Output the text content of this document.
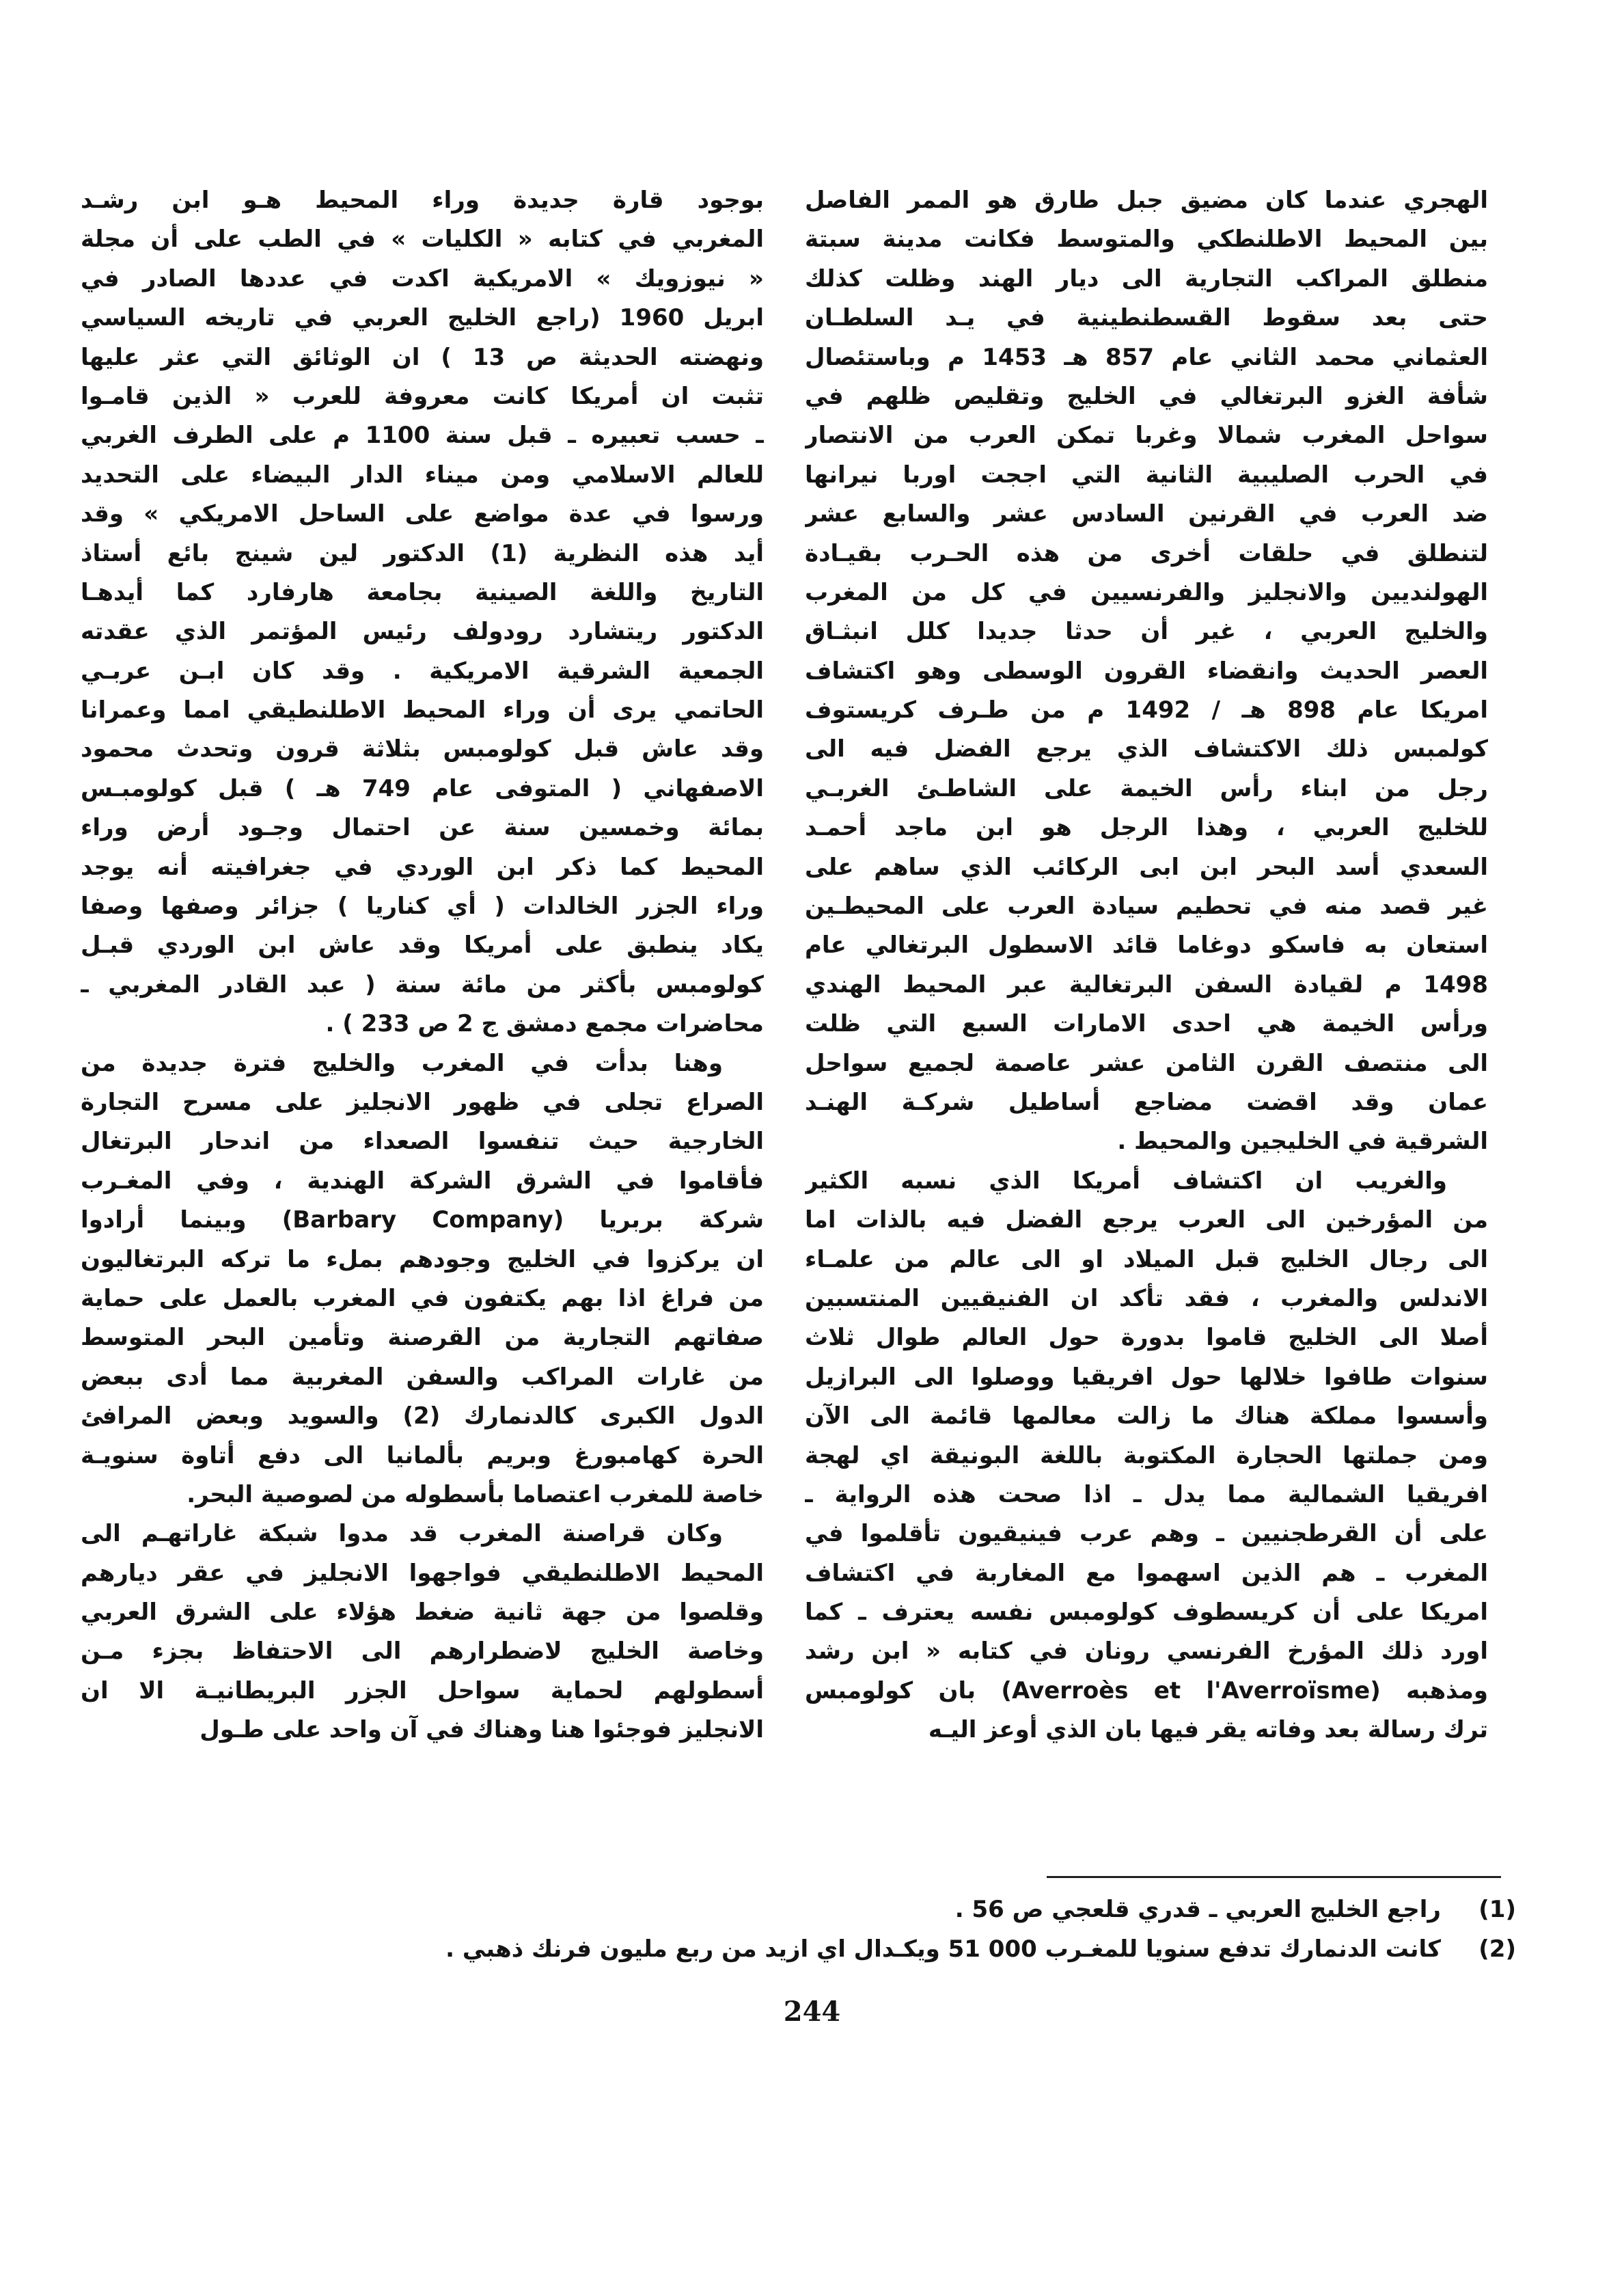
الهجري عندما كان مضيق جبل طارق هو الممر الفاصل
بين المحيط الاطلنطكي والمتوسط فكانت مدينة سبتة
منطلق المراكب التجارية الى ديار الهند وظلت كذلك
حتى بعد سقوط القسطنطينية في يـد السلطـان
العثماني محمد الثاني عام 857 هـ 1453 م وباستئصال
شأفة الغزو البرتغالي في الخليج وتقليص ظلهم في
سواحل المغرب شمالا وغربا تمكن العرب من الانتصار
في الحرب الصليبية الثانية التي اججت اوربا نيرانها
ضد العرب في القرنين السادس عشر والسابع عشر
لتنطلق في حلقات أخرى من هذه الحـرب بقيـادة
الهولنديين والانجليز والفرنسيين في كل من المغرب
والخليج العربي ، غير أن حدثا جديدا كلل انبثـاق
العصر الحديث وانقضاء القرون الوسطى وهو اكتشاف
امريكا عام 898 هـ / 1492 م من طـرف كريستوف
كولمبس ذلك الاكتشاف الذي يرجع الفضل فيه الى
رجل من ابناء رأس الخيمة على الشاطـئ الغربـي
للخليج العربي ، وهذا الرجل هو ابن ماجد أحمـد
السعدي أسد البحر ابن ابى الركائب الذي ساهم على
غير قصد منه في تحطيم سيادة العرب على المحيطـين
استعان به فاسكو دوغاما قائد الاسطول البرتغالي عام
1498 م لقيادة السفن البرتغالية عبر المحيط الهندي
ورأس الخيمة هي احدى الامارات السبع التي ظلت
الى منتصف القرن الثامن عشر عاصمة لجميع سواحل
عمان وقد اقضت مضاجع أساطيل شركـة الهنـد
الشرقية في الخليجين والمحيط .
والغريب ان اكتشاف أمريكا الذي نسبه الكثير
من المؤرخين الى العرب يرجع الفضل فيه بالذات اما
الى رجال الخليج قبل الميلاد او الى عالم من علمـاء
الاندلس والمغرب ، فقد تأكد ان الفنيقيين المنتسبين
أصلا الى الخليج قاموا بدورة حول العالم طوال ثلاث
سنوات طافوا خلالها حول افريقيا ووصلوا الى البرازيل
وأسسوا مملكة هناك ما زالت معالمها قائمة الى الآن
ومن جملتها الحجارة المكتوبة باللغة البونيقة اي لهجة
افريقيا الشمالية مما يدل ـ اذا صحت هذه الرواية ـ
على أن القرطجنيين ـ وهم عرب فينيقيون تأقلموا في
المغرب ـ هم الذين اسهموا مع المغاربة في اكتشاف
امريكا على أن كريسطوف كولومبس نفسه يعترف ـ كما
اورد ذلك المؤرخ الفرنسي رونان في كتابه « ابن رشد
ومذهبه (Averroès et l'Averroïsme) بان كولومبس
ترك رسالة بعد وفاته يقر فيها بان الذي أوعز اليـه
بوجود قارة جديدة وراء المحيط هـو ابن رشـد
المغربي في كتابه « الكليات » في الطب على أن مجلة
« نيوزويك » الامريكية اكدت في عددها الصادر في
ابريل 1960 (راجع الخليج العربي في تاريخه السياسي
ونهضته الحديثة ص 13 ) ان الوثائق التي عثر عليها
تثبت ان أمريكا كانت معروفة للعرب « الذين قامـوا
ـ حسب تعبيره ـ قبل سنة 1100 م على الطرف الغربي
للعالم الاسلامي ومن ميناء الدار البيضاء على التحديد
ورسوا في عدة مواضع على الساحل الامريكي » وقد
أيد هذه النظرية (1) الدكتور لين شينج بائع أستاذ
التاريخ واللغة الصينية بجامعة هارفارد كما أيدهـا
الدكتور ريتشارد رودولف رئيس المؤتمر الذي عقدته
الجمعية الشرقية الامريكية . وقد كان ابـن عربـي
الحاتمي يرى أن وراء المحيط الاطلنطيقي امما وعمرانا
وقد عاش قبل كولومبس بثلاثة قرون وتحدث محمود
الاصفهاني ( المتوفى عام 749 هـ ) قبل كولومبـس
بمائة وخمسين سنة عن احتمال وجـود أرض وراء
المحيط كما ذكر ابن الوردي في جغرافيته أنه يوجد
وراء الجزر الخالدات ( أي كناريا ) جزائر وصفها وصفا
يكاد ينطبق على أمريكا وقد عاش ابن الوردي قبـل
كولومبس بأكثر من مائة سنة ( عبد القادر المغربي ـ
محاضرات مجمع دمشق ج 2 ص 233 ) .
وهنا بدأت في المغرب والخليج فترة جديدة من
الصراع تجلى في ظهور الانجليز على مسرح التجارة
الخارجية حيث تنفسوا الصعداء من اندحار البرتغال
فأقاموا في الشرق الشركة الهندية ، وفي المغـرب
شركة بربريا (Barbary Company) وبينما أرادوا
ان يركزوا في الخليج وجودهم بملء ما تركه البرتغاليون
من فراغ اذا بهم يكتفون في المغرب بالعمل على حماية
صفاتهم التجارية من القرصنة وتأمين البحر المتوسط
من غارات المراكب والسفن المغربية مما أدى ببعض
الدول الكبرى كالدنمارك (2) والسويد وبعض المرافئ
الحرة كهامبورغ وبريم بألمانيا الى دفع أتاوة سنويـة
خاصة للمغرب اعتصاما بأسطوله من لصوصية البحر.
وكان قراصنة المغرب قد مدوا شبكة غاراتهـم الى
المحيط الاطلنطيقي فواجهوا الانجليز في عقر ديارهم
وقلصوا من جهة ثانية ضغط هؤلاء على الشرق العربي
وخاصة الخليج لاضطرارهم الى الاحتفاظ بجزء مـن
أسطولهم لحماية سواحل الجزر البريطانيـة الا ان
الانجليز فوجئوا هنا وهناك في آن واحد على طـول
(1)
راجع الخليج العربي ـ قدري قلعجي ص 56 .
(2)
كانت الدنمارك تدفع سنويا للمغـرب 000 51 ويكـدال اي ازيد من ربع مليون فرنك ذهبي .
244
